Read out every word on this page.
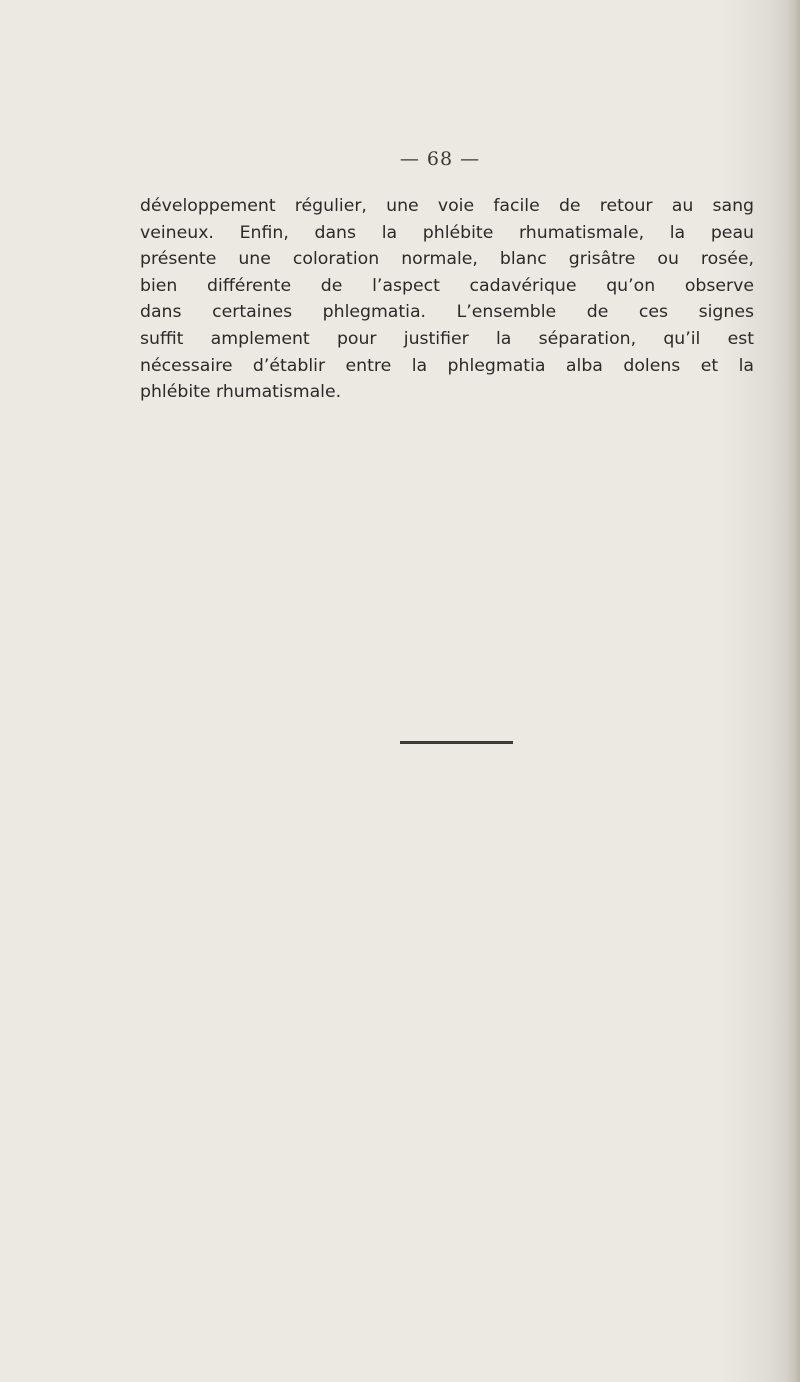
— 68 —
développement régulier, une voie facile de retour au sang
veineux. Enfin, dans la phlébite rhumatismale, la peau
présente une coloration normale, blanc grisâtre ou rosée,
bien différente de l’aspect cadavérique qu’on observe
dans certaines phlegmatia. L’ensemble de ces signes
suffit amplement pour justifier la séparation, qu’il est
nécessaire d’établir entre la phlegmatia alba dolens et la
phlébite rhumatismale.
